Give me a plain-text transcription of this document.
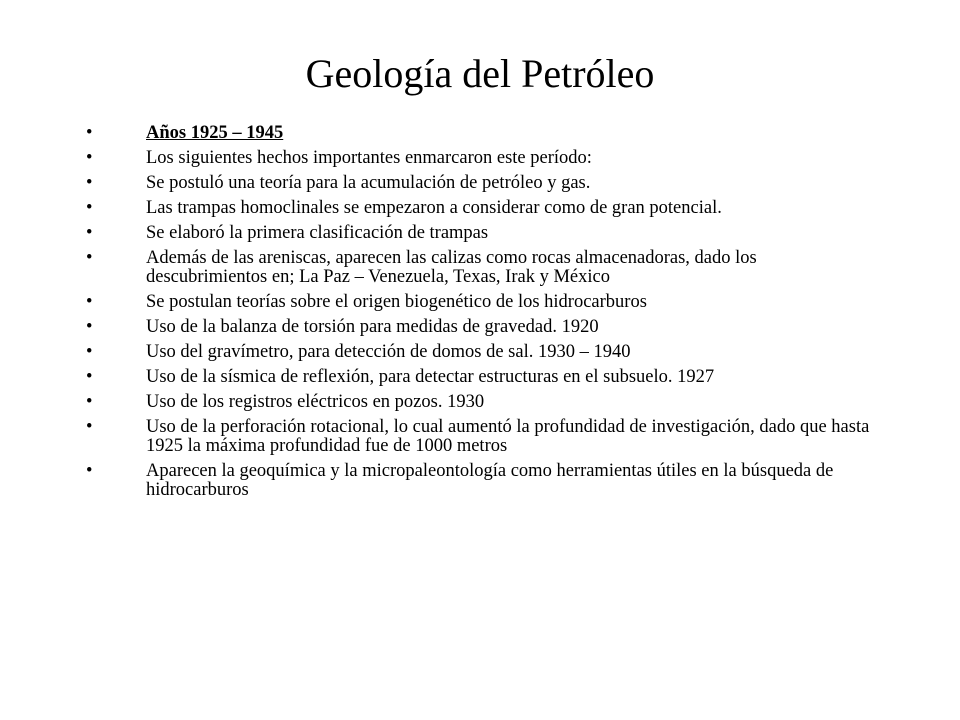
Geología del Petróleo
•	Años 1925 – 1945
•	Los siguientes hechos importantes enmarcaron este período:
•	Se postuló una teoría para la acumulación de petróleo y gas.
•	Las trampas homoclinales se empezaron a considerar como de gran potencial.
•	Se elaboró la primera clasificación de trampas
•	Además de las areniscas, aparecen las calizas como rocas almacenadoras, dado los descubrimientos en; La Paz – Venezuela, Texas, Irak y México
•	Se postulan teorías sobre el origen biogenético de los hidrocarburos
•	Uso de la balanza de torsión para medidas de gravedad. 1920
•	Uso del gravímetro, para detección de domos de sal. 1930 – 1940
•	Uso de la sísmica de reflexión, para detectar estructuras en el subsuelo. 1927
•	Uso de los registros eléctricos en pozos. 1930
•	Uso de la perforación rotacional, lo cual aumentó la profundidad de investigación, dado que hasta 1925 la máxima profundidad fue de 1000 metros
•	Aparecen la geoquímica y la micropaleontología como herramientas útiles en la búsqueda de hidrocarburos
